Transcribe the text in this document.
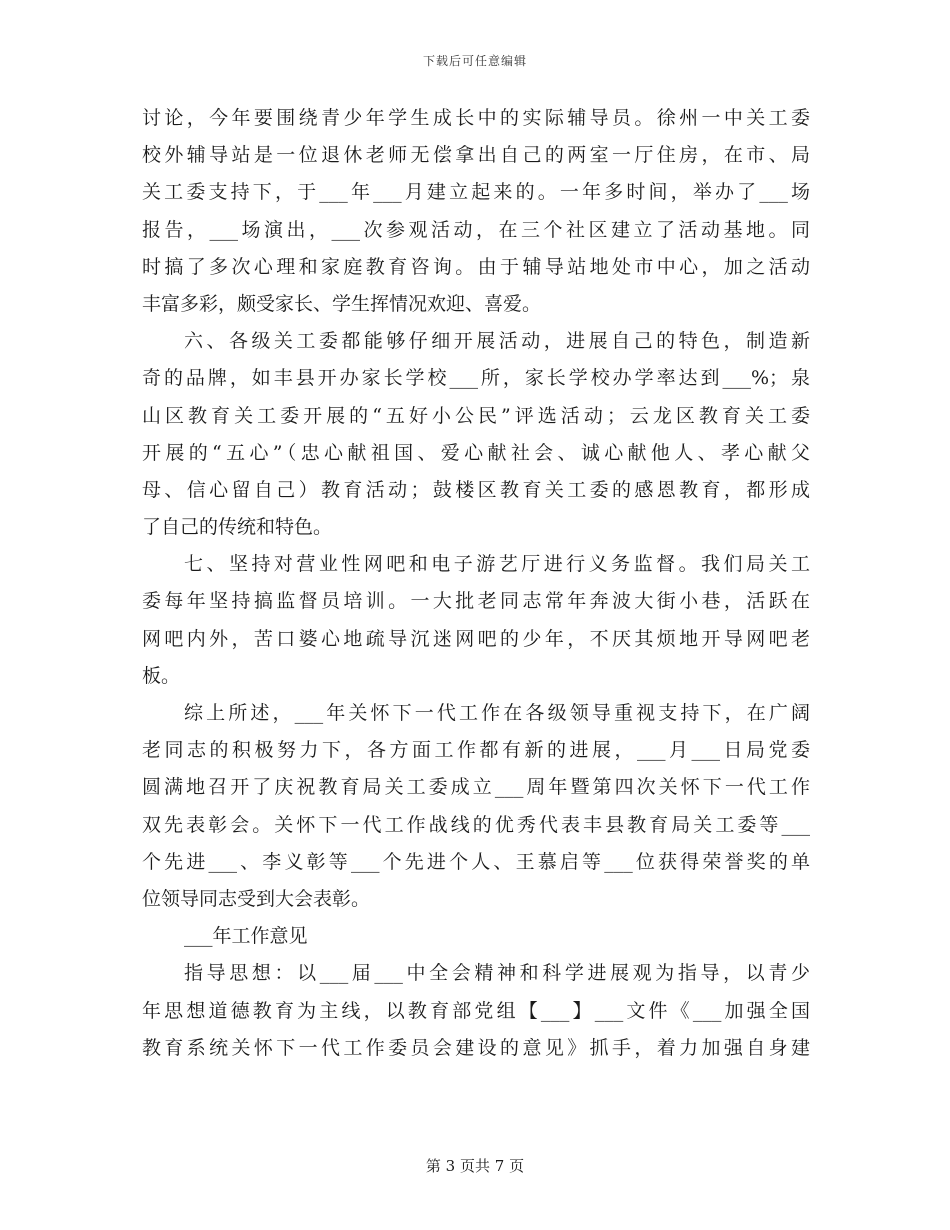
下载后可任意编辑
讨论，今年要围绕青少年学生成长中的实际辅导员。徐州一中关工委
校外辅导站是一位退休老师无偿拿出自己的两室一厅住房，在市、局
关工委支持下，于___年___月建立起来的。一年多时间，举办了___场
报告，___场演出，___次参观活动，在三个社区建立了活动基地。同
时搞了多次心理和家庭教育咨询。由于辅导站地处市中心，加之活动
丰富多彩，颇受家长、学生挥情况欢迎、喜爱。
六、各级关工委都能够仔细开展活动，进展自己的特色，制造新
奇的品牌，如丰县开办家长学校___所，家长学校办学率达到___%；泉
山区教育关工委开展的“五好小公民”评选活动；云龙区教育关工委
开展的“五心”（忠心献祖国、爱心献社会、诚心献他人、孝心献父
母、信心留自己）教育活动；鼓楼区教育关工委的感恩教育，都形成
了自己的传统和特色。
七、坚持对营业性网吧和电子游艺厅进行义务监督。我们局关工
委每年坚持搞监督员培训。一大批老同志常年奔波大街小巷，活跃在
网吧内外，苦口婆心地疏导沉迷网吧的少年，不厌其烦地开导网吧老
板。
综上所述，___年关怀下一代工作在各级领导重视支持下，在广阔
老同志的积极努力下，各方面工作都有新的进展，___月___日局党委
圆满地召开了庆祝教育局关工委成立___周年暨第四次关怀下一代工作
双先表彰会。关怀下一代工作战线的优秀代表丰县教育局关工委等___
个先进___、李义彰等___个先进个人、王慕启等___位获得荣誉奖的单
位领导同志受到大会表彰。
___年工作意见
指导思想：以___届___中全会精神和科学进展观为指导，以青少
年思想道德教育为主线，以教育部党组【___】___文件《___加强全国
教育系统关怀下一代工作委员会建设的意见》抓手，着力加强自身建
第 3 页共 7 页
